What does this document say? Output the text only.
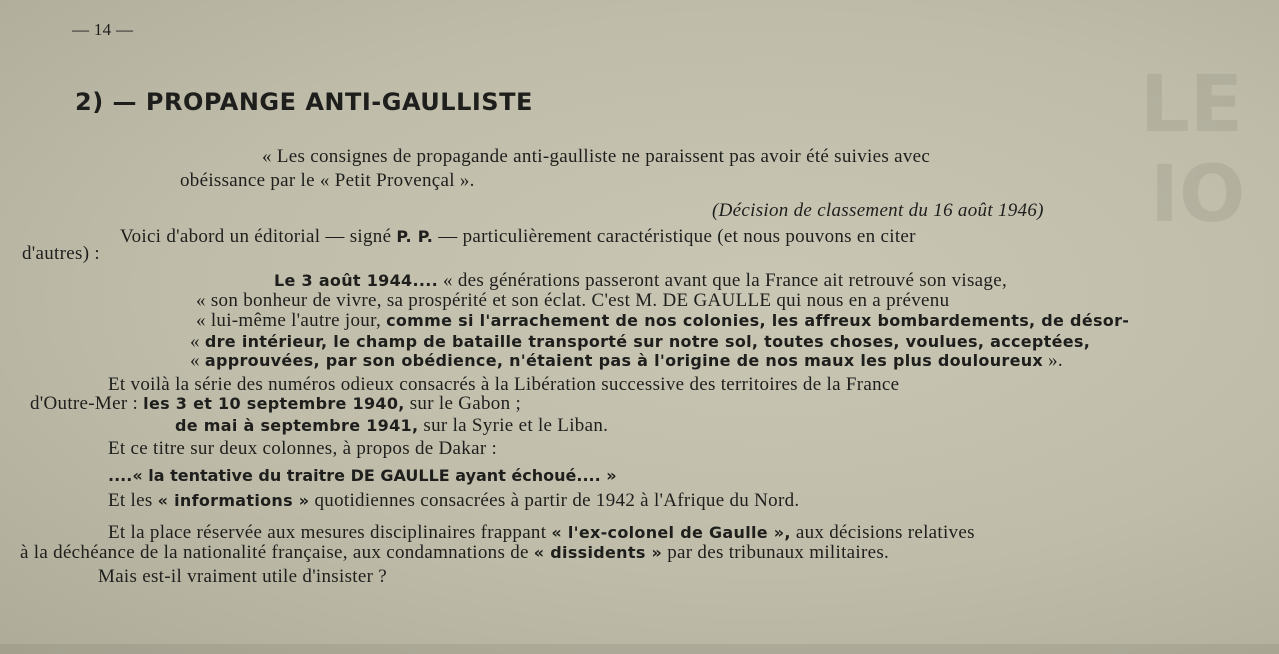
LE
IO
— 14 —
2) — PROPANGE ANTI-GAULLISTE
« Les consignes de propagande anti-gaulliste ne paraissent pas avoir été suivies avec
obéissance par le « Petit Provençal ».
(Décision de classement du 16 août 1946)
Voici d'abord un éditorial — signé P. P. — particulièrement caractéristique (et nous pouvons en citer
d'autres) :
Le 3 août 1944.... « des générations passeront avant que la France ait retrouvé son visage,
« son bonheur de vivre, sa prospérité et son éclat. C'est M. DE GAULLE qui nous en a prévenu
« lui-même l'autre jour, comme si l'arrachement de nos colonies, les affreux bombardements, de désor-
« dre intérieur, le champ de bataille transporté sur notre sol, toutes choses, voulues, acceptées,
« approuvées, par son obédience, n'étaient pas à l'origine de nos maux les plus douloureux ».
Et voilà la série des numéros odieux consacrés à la Libération successive des territoires de la France
d'Outre-Mer : les 3 et 10 septembre 1940, sur le Gabon ;
de mai à septembre 1941, sur la Syrie et le Liban.
Et ce titre sur deux colonnes, à propos de Dakar :
....« la tentative du traitre DE GAULLE ayant échoué.... »
Et les « informations » quotidiennes consacrées à partir de 1942 à l'Afrique du Nord.
Et la place réservée aux mesures disciplinaires frappant « l'ex-colonel de Gaulle », aux décisions relatives
à la déchéance de la nationalité française, aux condamnations de « dissidents » par des tribunaux militaires.
Mais est-il vraiment utile d'insister ?
